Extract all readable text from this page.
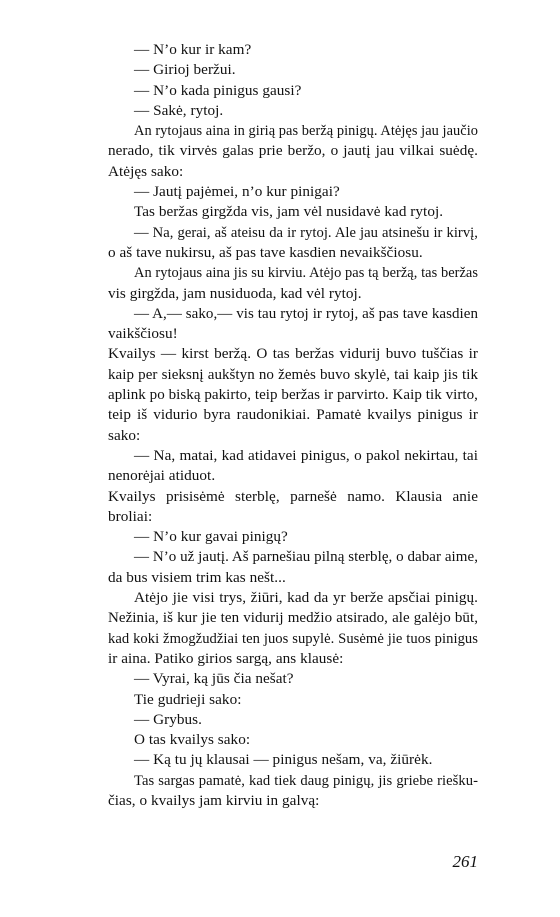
— N’o kur ir kam?
— Girioj beržui.
— N’o kada pinigus gausi?
— Sakė, rytoj.
An rytojaus aina in girią pas beržą pinigų. Atėjęs jau jaučio
nerado, tik virvės galas prie beržo, o jautį jau vilkai suėdę.
Atėjęs sako:
— Jautį pajėmei, n’o kur pinigai?
Tas beržas girgžda vis, jam vėl nusidavė kad rytoj.
— Na, gerai, aš ateisu da ir rytoj. Ale jau atsinešu ir kirvį,
o aš tave nukirsu, aš pas tave kasdien nevaikščiosu.
An rytojaus aina jis su kirviu. Atėjo pas tą beržą, tas beržas
vis girgžda, jam nusiduoda, kad vėl rytoj.
— A,— sako,— vis tau rytoj ir rytoj, aš pas tave kasdien
vaikščiosu!
Kvailys — kirst beržą. O tas beržas vidurij buvo tuščias ir
kaip per sieksnį aukštyn no žemės buvo skylė, tai kaip jis tik
aplink po biską pakirto, teip beržas ir parvirto. Kaip tik virto,
teip iš vidurio byra raudonikiai. Pamatė kvailys pinigus ir
sako:
— Na, matai, kad atidavei pinigus, o pakol nekirtau, tai
nenorėjai atiduot.
Kvailys prisisėmė sterblę, parnešė namo. Klausia anie
broliai:
— N’o kur gavai pinigų?
— N’o už jautį. Aš parnešiau pilną sterblę, o dabar aime,
da bus visiem trim kas nešt...
Atėjo jie visi trys, žiūri, kad da yr berže apsčiai pinigų.
Nežinia, iš kur jie ten vidurij medžio atsirado, ale galėjo būt,
kad koki žmogžudžiai ten juos supylė. Susėmė jie tuos pinigus
ir aina. Patiko girios sargą, ans klausė:
— Vyrai, ką jūs čia nešat?
Tie gudrieji sako:
— Grybus.
O tas kvailys sako:
— Ką tu jų klausai — pinigus nešam, va, žiūrėk.
Tas sargas pamatė, kad tiek daug pinigų, jis griebe riešku-
čias, o kvailys jam kirviu in galvą:
261
